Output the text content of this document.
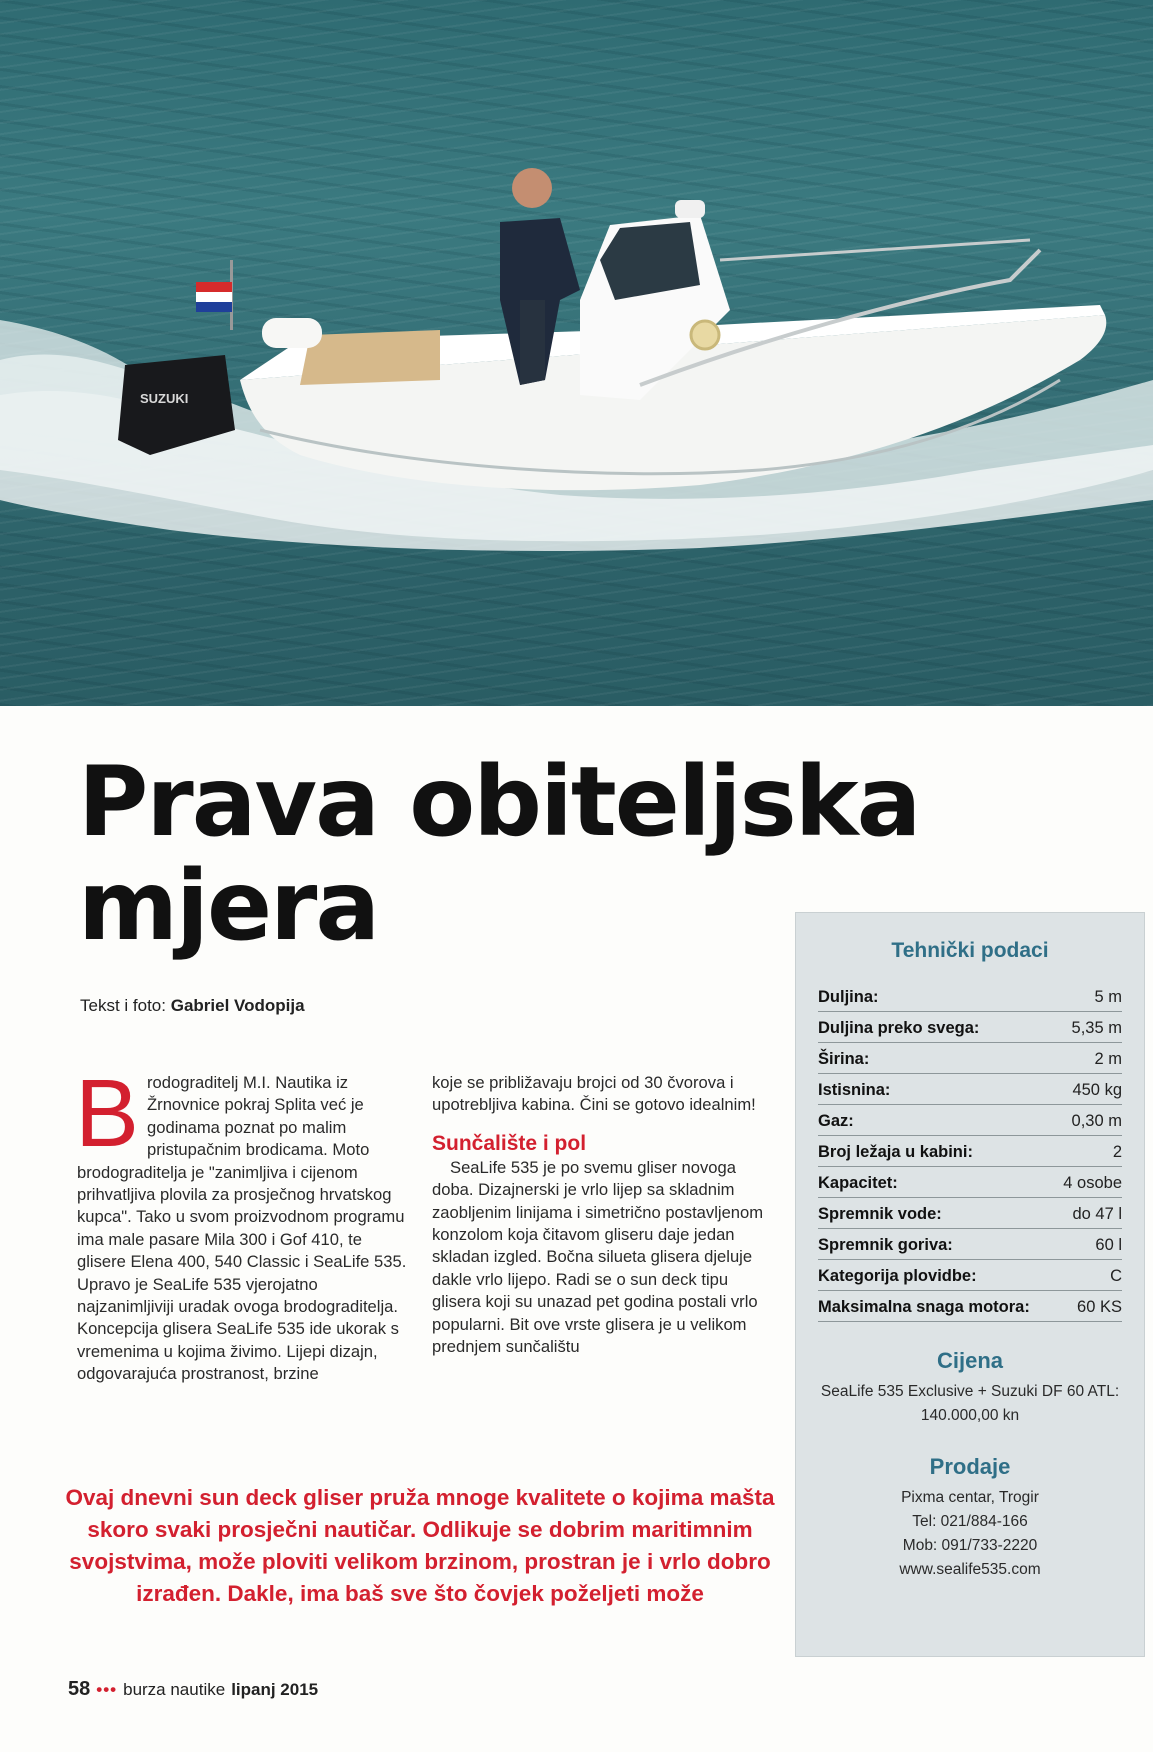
SUZUKI
Prava obiteljska
mjera
Tekst i foto: Gabriel Vodopija
B rodograditelj M.I. Nautika iz Žrnovnice pokraj Splita već je godinama poznat po malim pristupačnim brodicama. Moto brodograditelja je "zanimljiva i cijenom prihvatljiva plovila za prosječnog hrvatskog kupca". Tako u svom proizvodnom programu ima male pasare Mila 300 i Gof 410, te glisere Elena 400, 540 Classic i SeaLife 535. Upravo je SeaLife 535 vjerojatno najzanimljiviji uradak ovoga brodograditelja. Koncepcija glisera SeaLife 535 ide ukorak s vremenima u kojima živimo. Lijepi dizajn, odgovarajuća prostranost, brzine

koje se približavaju brojci od 30 čvorova i upotrebljiva kabina. Čini se gotovo idealnim!

Sunčalište i pol

SeaLife 535 je po svemu gliser novoga doba. Dizajnerski je vrlo lijep sa skladnim zaobljenim linijama i simetrično postavljenom konzolom koja čitavom gliseru daje jedan skladan izgled. Bočna silueta glisera djeluje dakle vrlo lijepo. Radi se o sun deck tipu glisera koji su unazad pet godina postali vrlo popularni. Bit ove vrste glisera je u velikom prednjem sunčalištu

Ovaj dnevni sun deck gliser pruža mnoge kvalitete o kojima mašta skoro svaki prosječni nautičar. Odlikuje se dobrim maritimnim svojstvima, može ploviti velikom brzinom, prostran je i vrlo dobro izrađen. Dakle, ima baš sve što čovjek poželjeti može
58 ••• burza nautike lipanj 2015
Tehnički podaci
Duljina:	5 m
Duljina preko svega:	5,35 m
Širina:	2 m
Istisnina:	450 kg
Gaz:	0,30 m
Broj ležaja u kabini:	2
Kapacitet:	4 osobe
Spremnik vode:	do 47 l
Spremnik goriva:	60 l
Kategorija plovidbe:	C
Maksimalna snaga motora:	60 KS
Cijena
SeaLife 535 Exclusive + Suzuki DF 60 ATL:
140.000,00 kn
Prodaje
Pixma centar, Trogir
Tel: 021/884-166
Mob: 091/733-2220
www.sealife535.com
